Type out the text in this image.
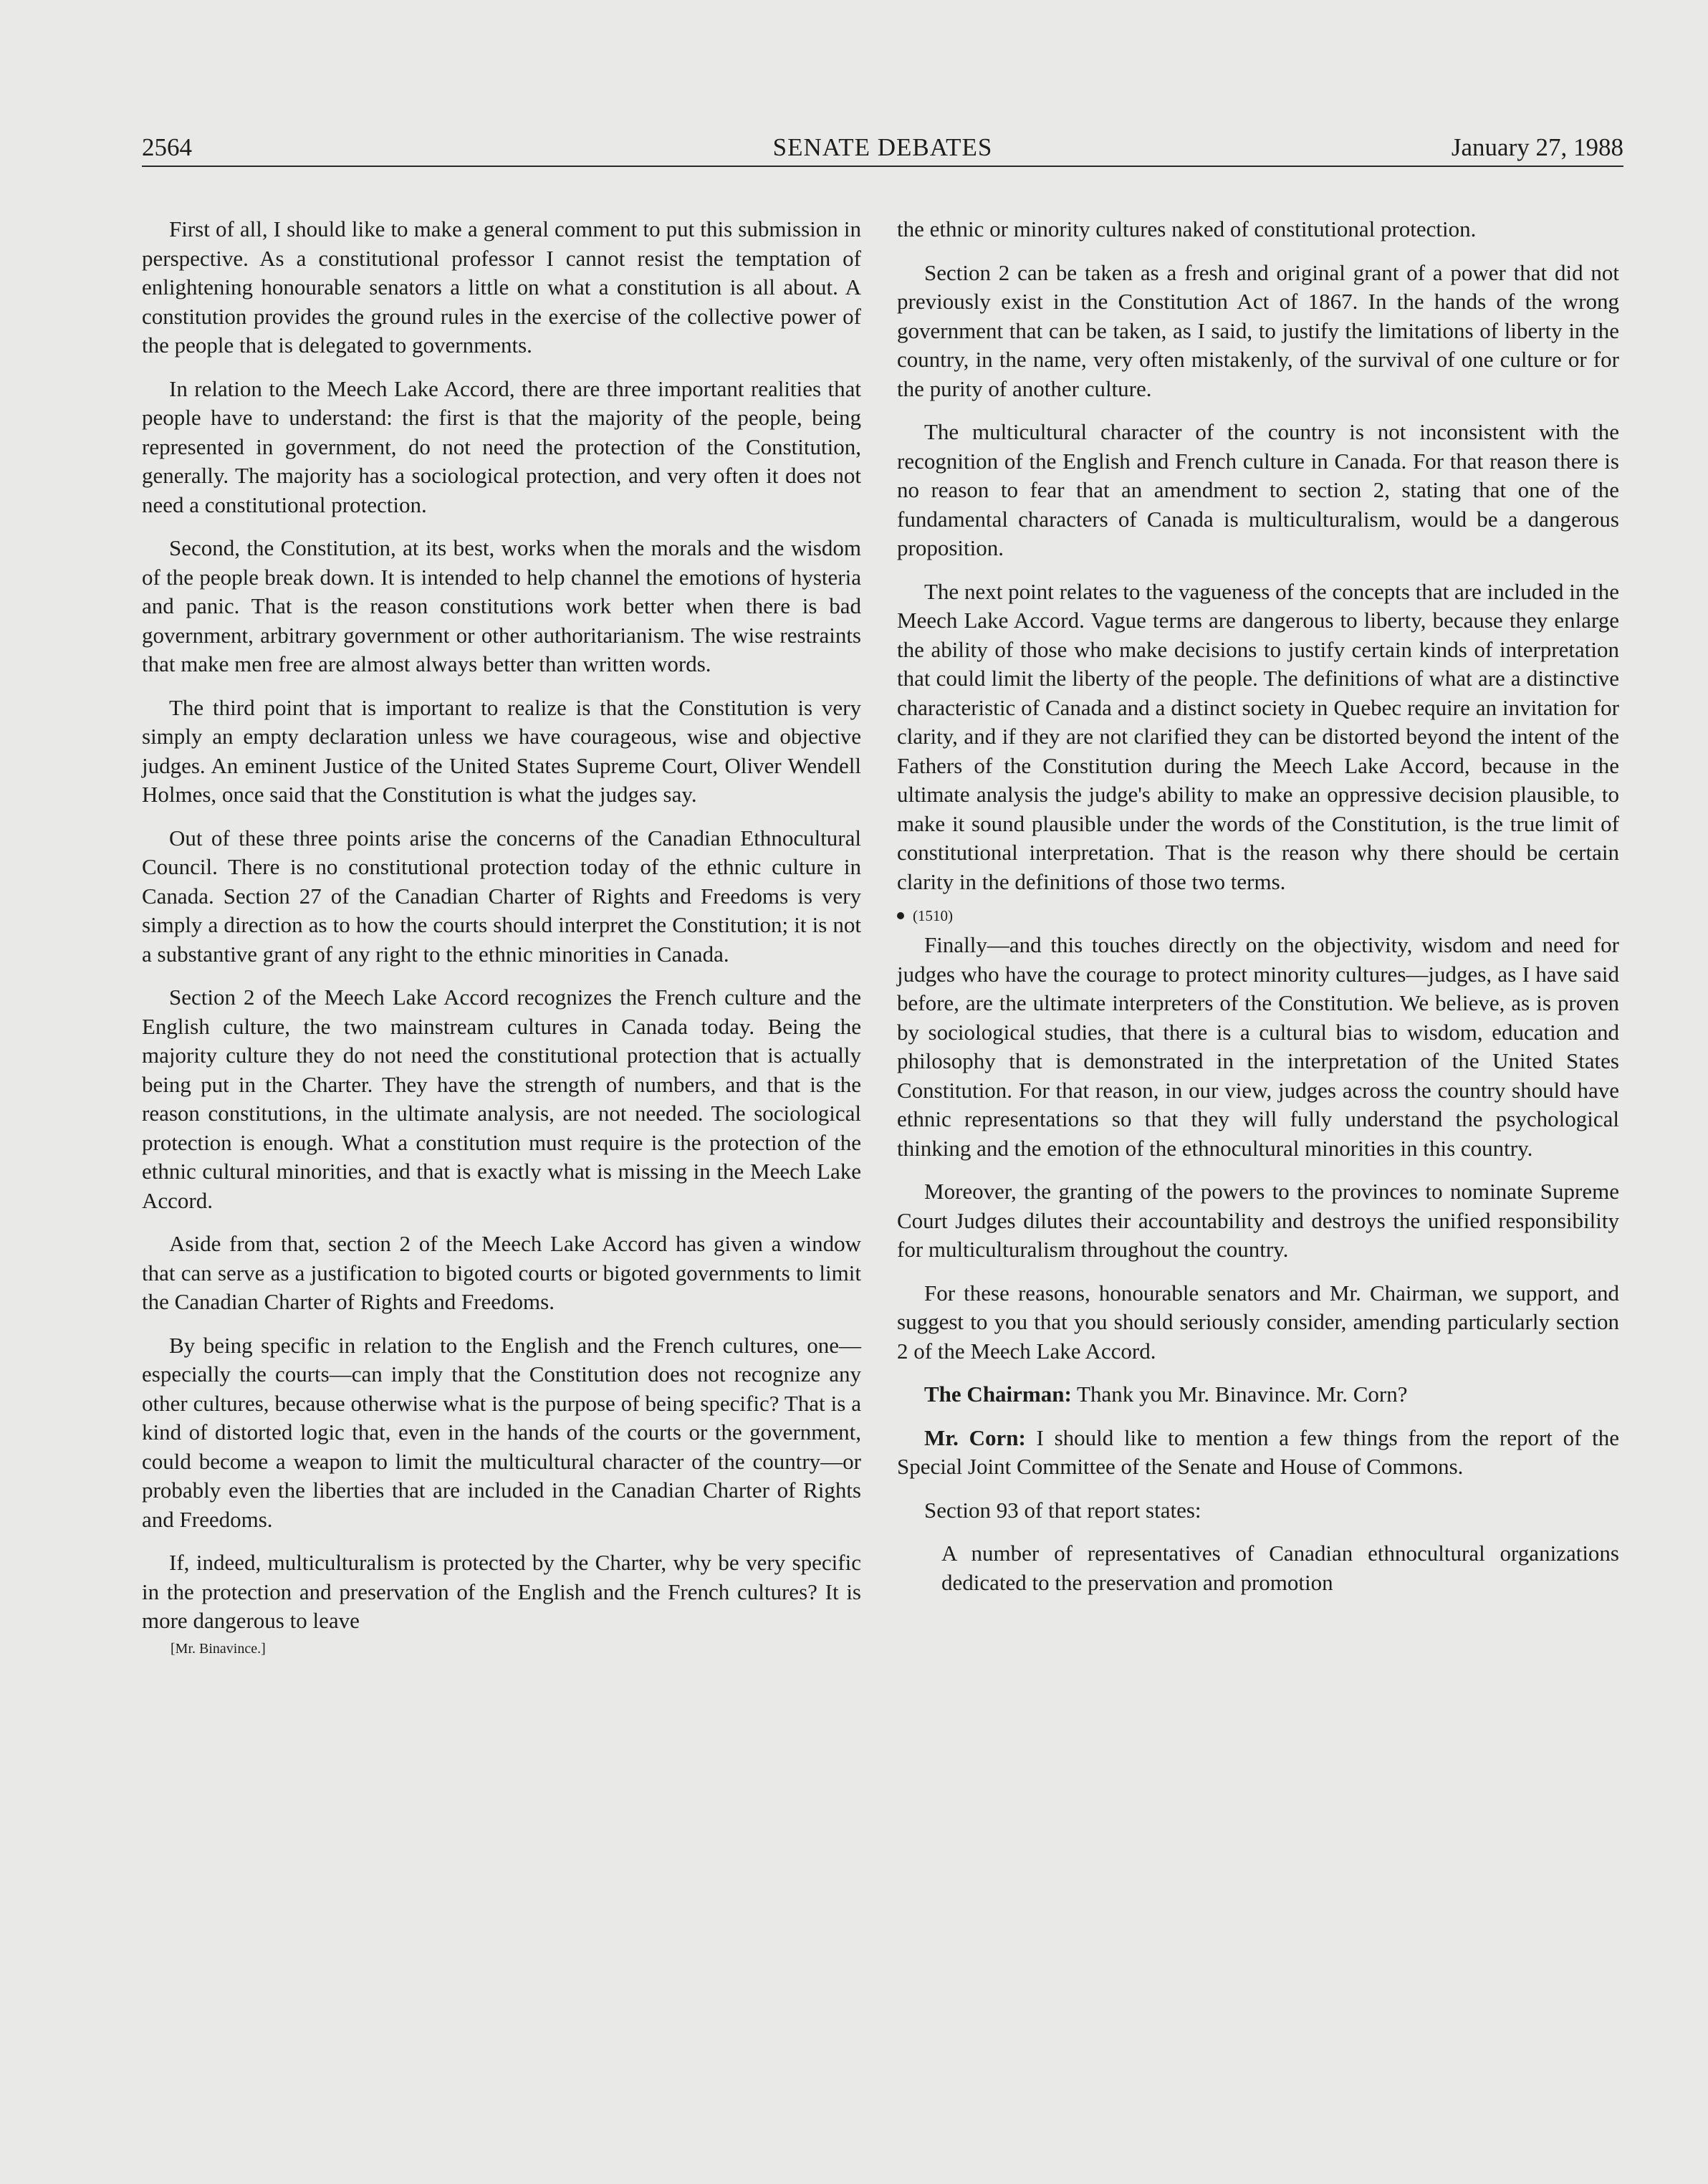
2564	SENATE DEBATES	January 27, 1988

First of all, I should like to make a general comment to put this submission in perspective. As a constitutional professor I cannot resist the temptation of enlightening honourable senators a little on what a constitution is all about. A constitution provides the ground rules in the exercise of the collective power of the people that is delegated to governments.

In relation to the Meech Lake Accord, there are three important realities that people have to understand: the first is that the majority of the people, being represented in government, do not need the protection of the Constitution, generally. The majority has a sociological protection, and very often it does not need a constitutional protection.

Second, the Constitution, at its best, works when the morals and the wisdom of the people break down. It is intended to help channel the emotions of hysteria and panic. That is the reason constitutions work better when there is bad government, arbitrary government or other authoritarianism. The wise restraints that make men free are almost always better than written words.

The third point that is important to realize is that the Constitution is very simply an empty declaration unless we have courageous, wise and objective judges. An eminent Justice of the United States Supreme Court, Oliver Wendell Holmes, once said that the Constitution is what the judges say.

Out of these three points arise the concerns of the Canadian Ethnocultural Council. There is no constitutional protection today of the ethnic culture in Canada. Section 27 of the Canadian Charter of Rights and Freedoms is very simply a direction as to how the courts should interpret the Constitution; it is not a substantive grant of any right to the ethnic minorities in Canada.

Section 2 of the Meech Lake Accord recognizes the French culture and the English culture, the two mainstream cultures in Canada today. Being the majority culture they do not need the constitutional protection that is actually being put in the Charter. They have the strength of numbers, and that is the reason constitutions, in the ultimate analysis, are not needed. The sociological protection is enough. What a constitution must require is the protection of the ethnic cultural minorities, and that is exactly what is missing in the Meech Lake Accord.

Aside from that, section 2 of the Meech Lake Accord has given a window that can serve as a justification to bigoted courts or bigoted governments to limit the Canadian Charter of Rights and Freedoms.

By being specific in relation to the English and the French cultures, one—especially the courts—can imply that the Constitution does not recognize any other cultures, because otherwise what is the purpose of being specific? That is a kind of distorted logic that, even in the hands of the courts or the government, could become a weapon to limit the multicultural character of the country—or probably even the liberties that are included in the Canadian Charter of Rights and Freedoms.

If, indeed, multiculturalism is protected by the Charter, why be very specific in the protection and preservation of the English and the French cultures? It is more dangerous to leave

[Mr. Binavince.]

the ethnic or minority cultures naked of constitutional protection.

Section 2 can be taken as a fresh and original grant of a power that did not previously exist in the Constitution Act of 1867. In the hands of the wrong government that can be taken, as I said, to justify the limitations of liberty in the country, in the name, very often mistakenly, of the survival of one culture or for the purity of another culture.

The multicultural character of the country is not inconsistent with the recognition of the English and French culture in Canada. For that reason there is no reason to fear that an amendment to section 2, stating that one of the fundamental characters of Canada is multiculturalism, would be a dangerous proposition.

The next point relates to the vagueness of the concepts that are included in the Meech Lake Accord. Vague terms are dangerous to liberty, because they enlarge the ability of those who make decisions to justify certain kinds of interpretation that could limit the liberty of the people. The definitions of what are a distinctive characteristic of Canada and a distinct society in Quebec require an invitation for clarity, and if they are not clarified they can be distorted beyond the intent of the Fathers of the Constitution during the Meech Lake Accord, because in the ultimate analysis the judge's ability to make an oppressive decision plausible, to make it sound plausible under the words of the Constitution, is the true limit of constitutional interpretation. That is the reason why there should be certain clarity in the definitions of those two terms.

(1510)

Finally—and this touches directly on the objectivity, wisdom and need for judges who have the courage to protect minority cultures—judges, as I have said before, are the ultimate interpreters of the Constitution. We believe, as is proven by sociological studies, that there is a cultural bias to wisdom, education and philosophy that is demonstrated in the interpretation of the United States Constitution. For that reason, in our view, judges across the country should have ethnic representations so that they will fully understand the psychological thinking and the emotion of the ethnocultural minorities in this country.

Moreover, the granting of the powers to the provinces to nominate Supreme Court Judges dilutes their accountability and destroys the unified responsibility for multiculturalism throughout the country.

For these reasons, honourable senators and Mr. Chairman, we support, and suggest to you that you should seriously consider, amending particularly section 2 of the Meech Lake Accord.

The Chairman: Thank you Mr. Binavince. Mr. Corn?

Mr. Corn: I should like to mention a few things from the report of the Special Joint Committee of the Senate and House of Commons.

Section 93 of that report states:

A number of representatives of Canadian ethnocultural organizations dedicated to the preservation and promotion
